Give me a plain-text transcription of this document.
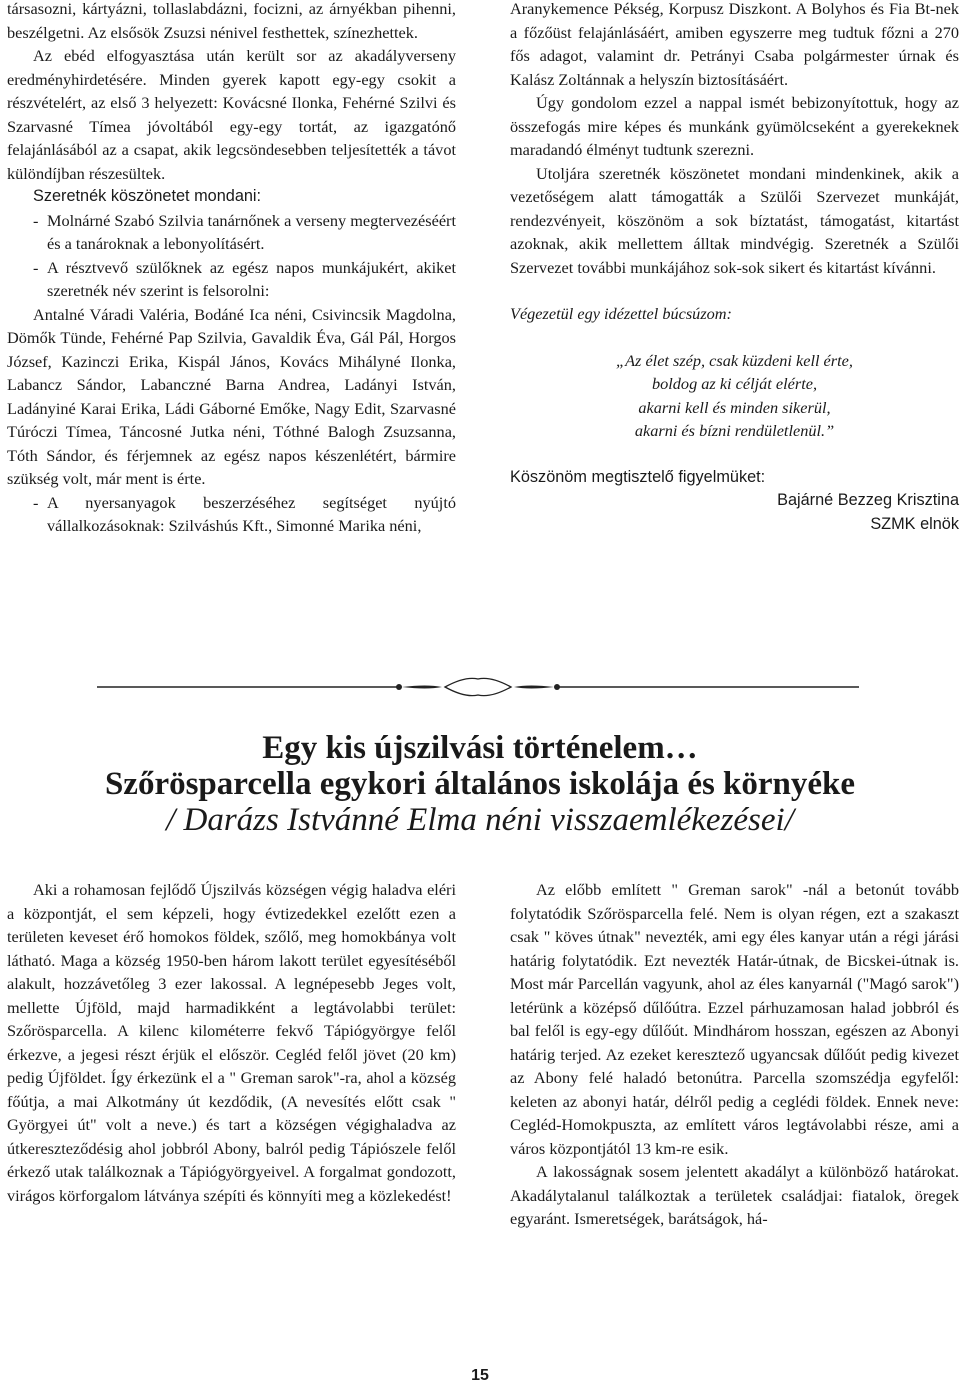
társasozni, kártyázni, tollaslabdázni, focizni, az árnyékban pihenni, beszélgetni. Az elsősök Zsuzsi nénivel festhettek, színezhettek.

Az ebéd elfogyasztása után került sor az akadályverseny eredményhirdetésére. Minden gyerek kapott egy-egy csokit a részvételért, az első 3 helyezett: Kovácsné Ilonka, Fehérné Szilvi és Szarvasné Tímea jóvoltából egy-egy tortát, az igazgatónő felajánlásából az a csapat, akik legcsöndesebben teljesítették a távot különdíjban részesültek.

Szeretnék köszönetet mondani:

- Molnárné Szabó Szilvia tanárnőnek a verseny megtervezéséért és a tanároknak a lebonyolításért.
- A résztvevő szülőknek az egész napos munkájukért, akiket szeretnék név szerint is felsorolni:

Antalné Váradi Valéria, Bodáné Ica néni, Csivincsik Magdolna, Dömők Tünde, Fehérné Pap Szilvia, Gavaldik Éva, Gál Pál, Horgos József, Kazinczi Erika, Kispál János, Kovács Mihályné Ilonka, Labancz Sándor, Labanczné Barna Andrea, Ladányi István, Ladányiné Karai Erika, Ládi Gáborné Emőke, Nagy Edit, Szarvasné Túróczi Tímea, Táncosné Jutka néni, Tóthné Balogh Zsuzsanna, Tóth Sándor, és férjemnek az egész napos készenlétért, bármire szükség volt, már ment is érte.

- A nyersanyagok beszerzéséhez segítséget nyújtó vállalkozásoknak: Szilváshús Kft., Simonné Marika néni,

Aranykemence Pékség, Korpusz Diszkont. A Bolyhos és Fia Bt-nek a főzőüst felajánlásáért, amiben egyszerre meg tudtuk főzni a 270 fős adagot, valamint dr. Petrányi Csaba polgármester úrnak és Kalász Zoltánnak a helyszín biztosításáért.

Úgy gondolom ezzel a nappal ismét bebizonyítottuk, hogy az összefogás mire képes és munkánk gyümölcseként a gyerekeknek maradandó élményt tudtunk szerezni.

Utoljára szeretnék köszönetet mondani mindenkinek, akik a vezetőségem alatt támogatták a Szülői Szervezet munkáját, rendezvényeit, köszönöm a sok bíztatást, támogatást, kitartást azoknak, akik mellettem álltak mindvégig. Szeretnék a Szülői Szervezet további munkájához sok-sok sikert és kitartást kívánni.

Végezetül egy idézettel búcsúzom:

„Az élet szép, csak küzdeni kell érte,

boldog az ki célját elérte,

akarni kell és minden sikerül,

akarni és bízni rendületlenül.”

Köszönöm megtisztelő figyelmüket:

Bajárné Bezzeg Krisztina

SZMK elnök

Egy kis újszilvási történelem…
Szőrösparcella egykori általános iskolája és környéke
/ Darázs Istvánné Elma néni visszaemlékezései/

Aki a rohamosan fejlődő Újszilvás községen végig haladva eléri a központját, el sem képzeli, hogy évtizedekkel ezelőtt ezen a területen keveset érő homokos földek, szőlő, meg homokbánya volt látható. Maga a község 1950-ben három lakott terület egyesítéséből alakult, hozzávetőleg 3 ezer lakossal. A legnépesebb Jeges volt, mellette Újföld, majd harmadikként a legtávolabbi terület: Szőrösparcella. A kilenc kilométerre fekvő Tápiógyörgye felől érkezve, a jegesi részt érjük el először. Cegléd felől jövet (20 km) pedig Újföldet. Így érkezünk el a " Greman sarok"-ra, ahol a község főútja, a mai Alkotmány út kezdődik, (A nevesítés előtt csak " Györgyei út" volt a neve.) és tart a községen végighaladva az útkereszteződésig ahol jobbról Abony, balról pedig Tápiószele felől érkező utak találkoznak a Tápiógyörgyeivel. A forgalmat gondozott, virágos körforgalom látványa szépíti és könnyíti meg a közlekedést!

Az előbb említett " Greman sarok" -nál a betonút tovább folytatódik Szőrösparcella felé. Nem is olyan régen, ezt a szakaszt csak " köves útnak" nevezték, ami egy éles kanyar után a régi járási határig folytatódik. Ezt nevezték Határ-útnak, de Bicskei-útnak is. Most már Parcellán vagyunk, ahol az éles kanyarnál ("Magó sarok") letérünk a középső dűlőútra. Ezzel párhuzamosan halad jobbról és bal felől is egy-egy dűlőút. Mindhárom hosszan, egészen az Abonyi határig terjed. Az ezeket keresztező ugyancsak dűlőút pedig kivezet az Abony felé haladó betonútra. Parcella szomszédja egyfelől: keleten az abonyi határ, délről pedig a ceglédi földek. Ennek neve: Cegléd-Homokpuszta, az említett város legtávolabbi része, ami a város központjától 13 km-re esik.

A lakosságnak sosem jelentett akadályt a különböző határokat. Akadálytalanul találkoztak a területek családjai: fiatalok, öregek egyaránt. Ismeretségek, barátságok, há-

15
